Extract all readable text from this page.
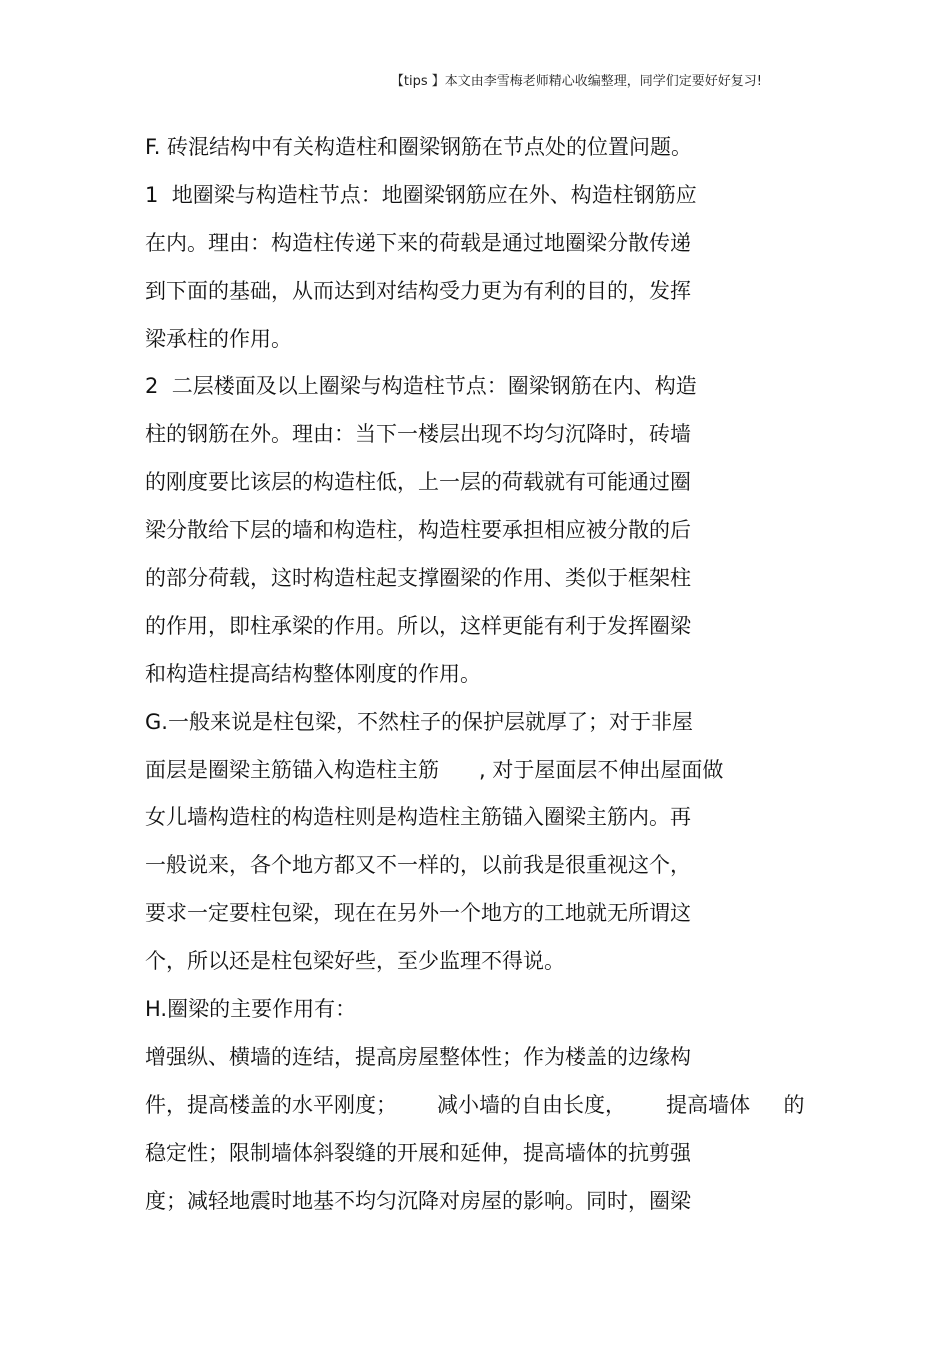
【tips 】本文由李雪梅老师精心收编整理，同学们定要好好复习!
F. 砖混结构中有关构造柱和圈梁钢筋在节点处的位置问题。
1  地圈梁与构造柱节点：地圈梁钢筋应在外、构造柱钢筋应
在内。理由：构造柱传递下来的荷载是通过地圈梁分散传递
到下面的基础，从而达到对结构受力更为有利的目的，发挥
梁承柱的作用。
2  二层楼面及以上圈梁与构造柱节点：圈梁钢筋在内、构造
柱的钢筋在外。理由：当下一楼层出现不均匀沉降时，砖墙
的刚度要比该层的构造柱低，上一层的荷载就有可能通过圈
梁分散给下层的墙和构造柱，构造柱要承担相应被分散的后
的部分荷载，这时构造柱起支撑圈梁的作用、类似于框架柱
的作用，即柱承梁的作用。所以，这样更能有利于发挥圈梁
和构造柱提高结构整体刚度的作用。
G.一般来说是柱包梁，不然柱子的保护层就厚了；对于非屋
面层是圈梁主筋锚入构造柱主筋      , 对于屋面层不伸出屋面做
女儿墙构造柱的构造柱则是构造柱主筋锚入圈梁主筋内。再
一般说来，各个地方都又不一样的，以前我是很重视这个，
要求一定要柱包梁，现在在另外一个地方的工地就无所谓这
个，所以还是柱包梁好些，至少监理不得说。
H.圈梁的主要作用有：
增强纵、横墙的连结，提高房屋整体性；作为楼盖的边缘构
件，提高楼盖的水平刚度；      减小墙的自由长度，      提高墙体     的
稳定性；限制墙体斜裂缝的开展和延伸，提高墙体的抗剪强
度；减轻地震时地基不均匀沉降对房屋的影响。同时，圈梁
